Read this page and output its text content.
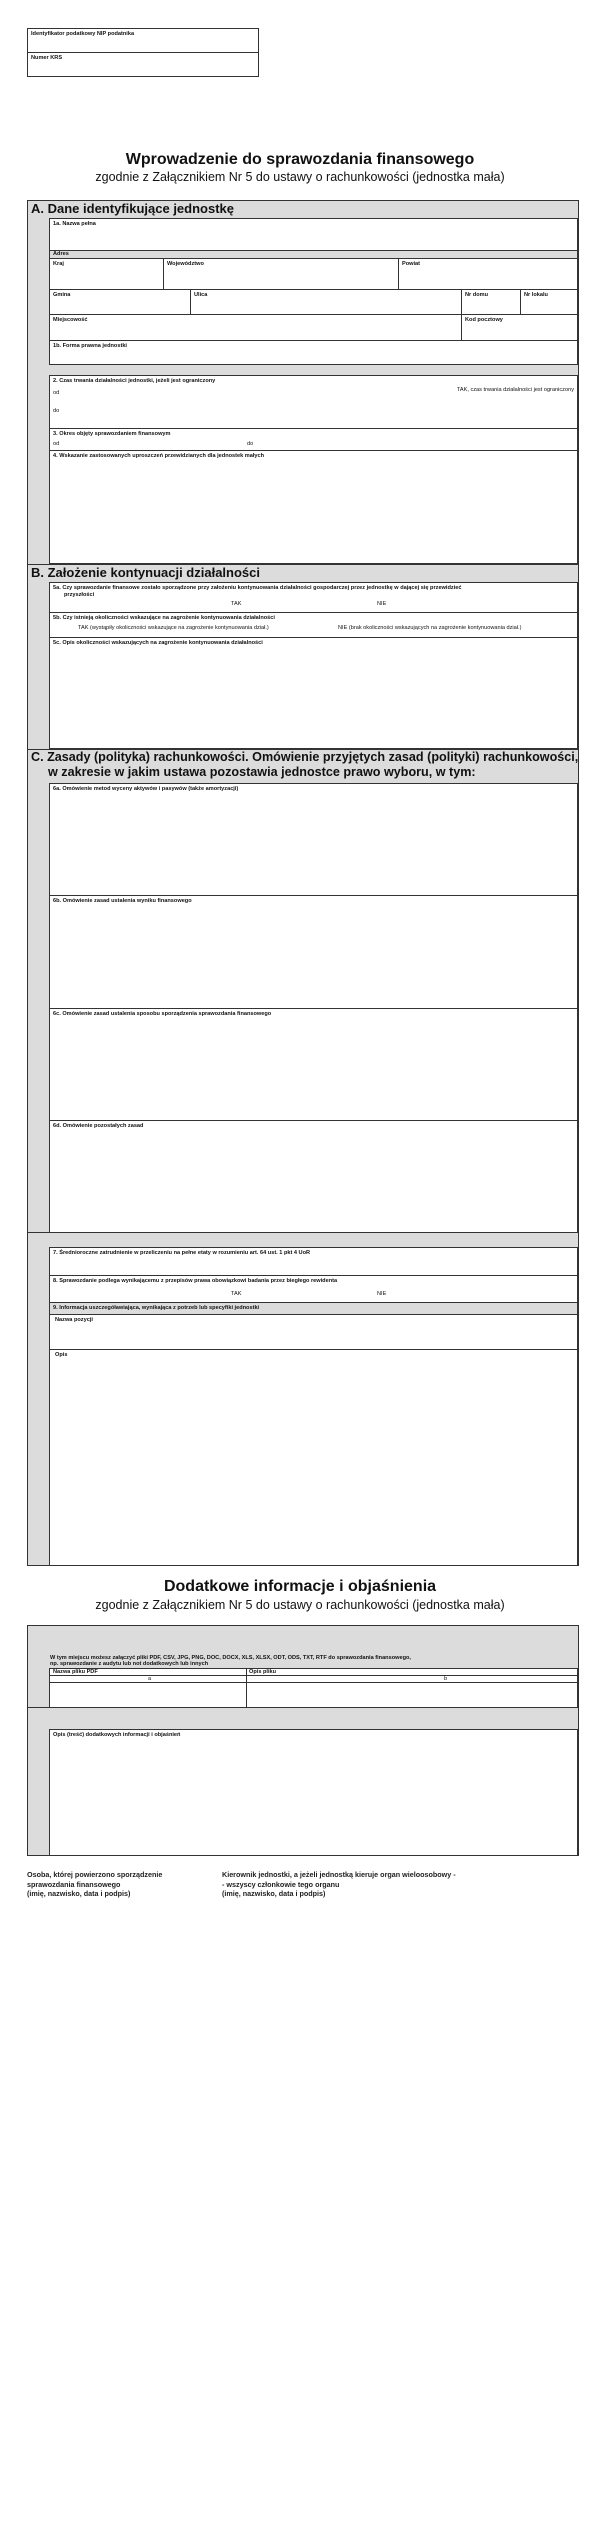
Identyfikator podatkowy NIP podatnika
Numer KRS
Wprowadzenie do sprawozdania finansowego
zgodnie z Załącznikiem Nr 5 do ustawy o rachunkowości (jednostka mała)
A. Dane identyfikujące jednostkę
1a. Nazwa pełna
Adres
Kraj	Województwo	Powiat
Gmina	Ulica	Nr domu	Nr lokalu
Miejscowość	Kod pocztowy
1b. Forma prawna jednostki
2. Czas trwania działalności jednostki, jeżeli jest ograniczony
od
do
TAK, czas trwania działalności jest ograniczony
3. Okres objęty sprawozdaniem finansowym
od	do
4. Wskazanie zastosowanych uproszczeń przewidzianych dla jednostek małych
B. Założenie kontynuacji działalności
5a. Czy sprawozdanie finansowe zostało sporządzone przy założeniu kontynuowania działalności gospodarczej przez jednostkę w dającej się przewidzieć
przyszłości
TAK	NIE
5b. Czy istnieją okoliczności wskazujące na zagrożenie kontynuowania działalności
TAK (wystąpiły okoliczności wskazujące na zagrożenie kontynuowania dział.)	NIE (brak okoliczności wskazujących na zagrożenie kontynuowania dział.)
5c. Opis okoliczności wskazujących na zagrożenie kontynuowania działalności
C. Zasady (polityka) rachunkowości. Omówienie przyjętych zasad (polityki) rachunkowości,
w zakresie w jakim ustawa pozostawia jednostce prawo wyboru, w tym:
6a. Omówienie metod wyceny aktywów i pasywów (także amortyzacji)
6b. Omówienie zasad ustalenia wyniku finansowego
6c. Omówienie zasad ustalenia sposobu sporządzenia sprawozdania finansowego
6d. Omówienie pozostałych zasad
7. Średnioroczne zatrudnienie w przeliczeniu na pełne etaty w rozumieniu art. 64 ust. 1 pkt 4 UoR
8. Sprawozdanie podlega wynikającemu z przepisów prawa obowiązkowi badania przez biegłego rewidenta
TAK	NIE
9. Informacja uszczegóławiająca, wynikająca z potrzeb lub specyfiki jednostki
Nazwa pozycji
Opis
Dodatkowe informacje i objaśnienia
zgodnie z Załącznikiem Nr 5 do ustawy o rachunkowości (jednostka mała)
W tym miejscu możesz załączyć pliki PDF, CSV, JPG, PNG, DOC, DOCX, XLS, XLSX, ODT, ODS, TXT, RTF do sprawozdania finansowego,
np. sprawozdanie z audytu lub not dodatkowych lub innych
Nazwa pliku PDF	Opis pliku
a	b
Opis (treść) dodatkowych informacji i objaśnień
Osoba, której powierzono sporządzenie
sprawozdania finansowego
(imię, nazwisko, data i podpis)
Kierownik jednostki, a jeżeli jednostką kieruje organ wieloosobowy -
- wszyscy członkowie tego organu
(imię, nazwisko, data i podpis)
